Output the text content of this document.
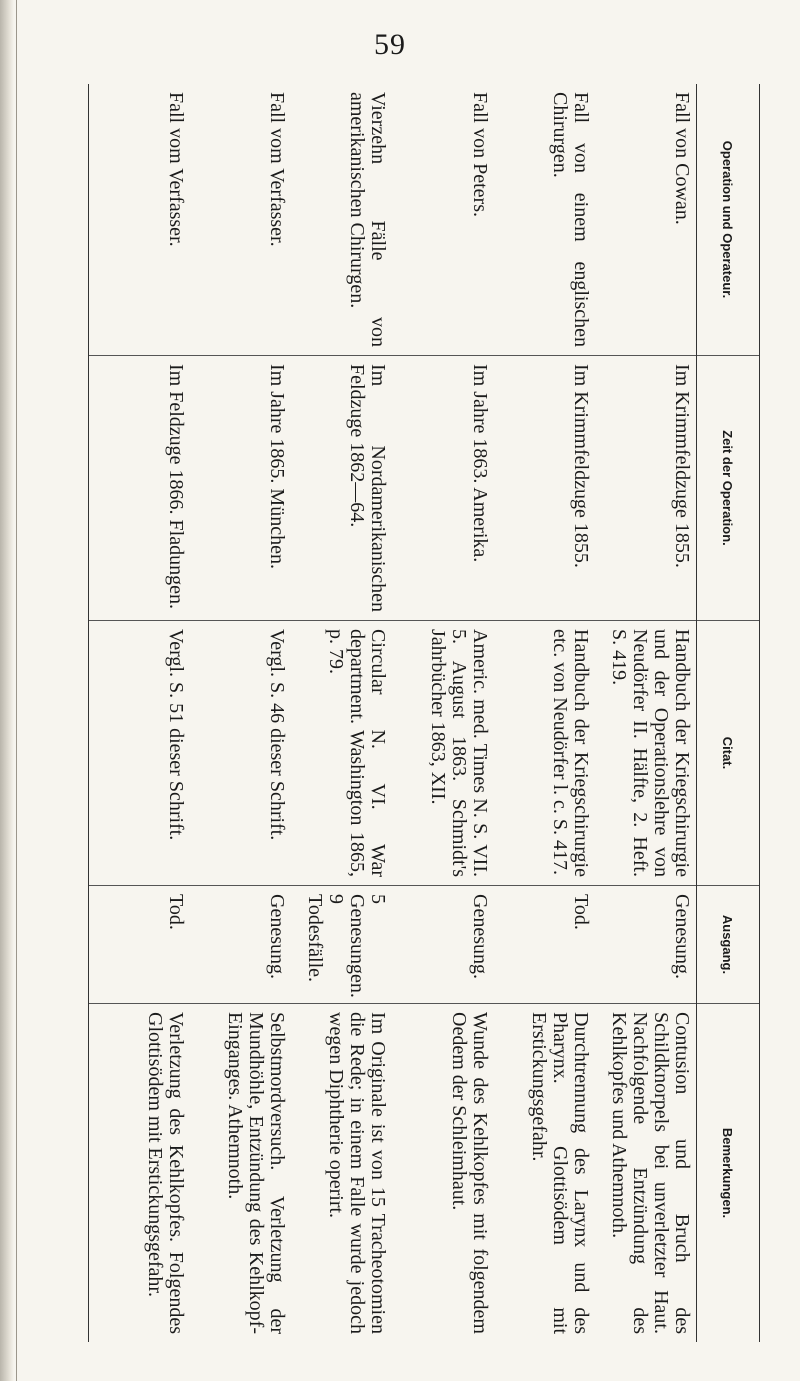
59
Operation und Operateur.
Zeit der Operation.
Citat.
Ausgang.
Bemerkungen.
Fall von Cowan.
Im Krimmfeldzuge 1855.
Handbuch der Kriegschirurgie und der Operationslehre von Neudörfer II. Hälfte, 2. Heft. S. 419.
Genesung.
Contusion und Bruch des Schildknorpels bei unverletzter Haut. Nachfolgende Entzündung des Kehlkopfes und Athemnoth.
Fall von einem englischen Chirurgen.
Im Krimmfeldzuge 1855.
Handbuch der Kriegschirurgie etc. von Neudörfer l. c. S. 417.
Tod.
Durchtrennung des Larynx und des Pharynx. Glottisödem mit Erstickungsgefahr.
Fall von Peters.
Im Jahre 1863. Amerika.
Americ. med. Times N. S. VII. 5. August 1863. Schmidt's Jahrbücher 1863, XII.
Genesung.
Wunde des Kehlkopfes mit folgendem Oedem der Schleimhaut.
Vierzehn Fälle von amerikanischen Chirurgen.
Im Nordamerikanischen Feldzuge 1862—64.
Circular N. VI. War department. Washington 1865, p. 79.
5 Genesungen. 9 Todesfälle.
Im Originale ist von 15 Tracheotomien die Rede; in einem Falle wurde jedoch wegen Diphtherie operirt.
Fall vom Verfasser.
Im Jahre 1865. München.
Vergl. S. 46 dieser Schrift.
Genesung.
Selbstmordversuch. Verletzung der Mundhöhle, Entzündung des Kehlkopf-Einganges. Athemnoth.
Fall vom Verfasser.
Im Feldzuge 1866. Fladungen.
Vergl. S. 51 dieser Schrift.
Tod.
Verletzung des Kehlkopfes. Folgendes Glottisödem mit Erstickungsgefahr.
